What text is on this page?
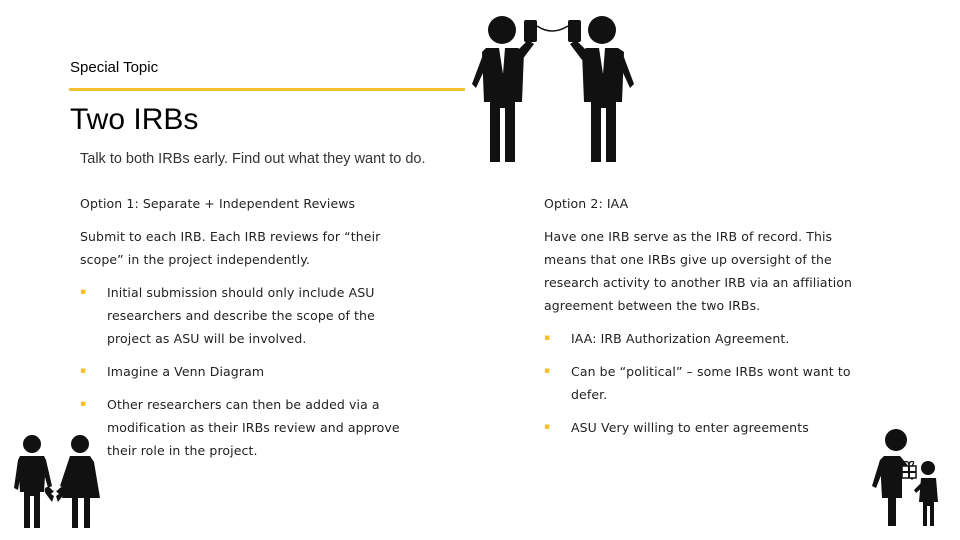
Special Topic
Two IRBs
Talk to both IRBs early. Find out what they want to do.

Option 1: Separate + Independent Reviews

Submit to each IRB. Each IRB reviews for “their scope” in the project independently.

▪ Initial submission should only include ASU researchers and describe the scope of the project as ASU will be involved.
▪ Imagine a Venn Diagram
▪ Other researchers can then be added via a modification as their IRBs review and approve their role in the project.

Option 2: IAA

Have one IRB serve as the IRB of record. This means that one IRBs give up oversight of the research activity to another IRB via an affiliation agreement between the two IRBs.

▪ IAA: IRB Authorization Agreement.
▪ Can be “political” – some IRBs wont want to defer.
▪ ASU Very willing to enter agreements
